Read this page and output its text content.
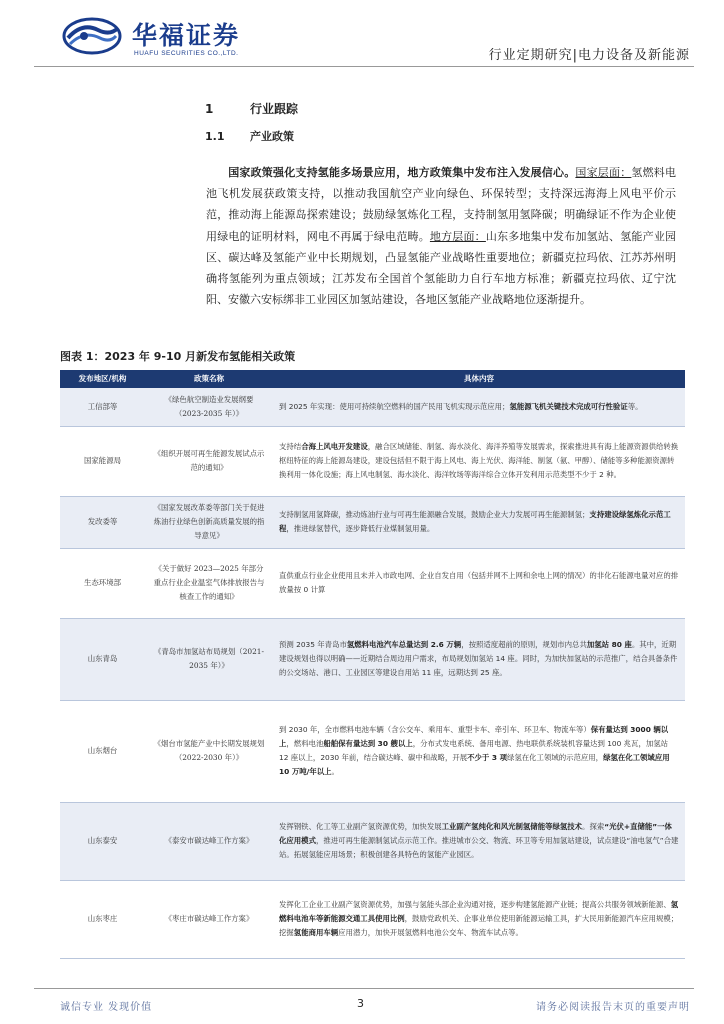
华福证券
HUAFU SECURITIES CO.,LTD.	行业定期研究|电力设备及新能源
1	行业跟踪
1.1 产业政策
  国家政策强化支持氢能多场景应用，地方政策集中发布注入发展信心。国家层面：氢燃料电池飞机发展获政策支持，以推动我国航空产业向绿色、环保转型；支持深远海海上风电平价示范，推动海上能源岛探索建设；鼓励绿氢炼化工程，支持制氢用氢降碳；明确绿证不作为企业使用绿电的证明材料，网电不再属于绿电范畴。地方层面：山东多地集中发布加氢站、氢能产业园区、碳达峰及氢能产业中长期规划，凸显氢能产业战略性重要地位；新疆克拉玛依、江苏苏州明确将氢能列为重点领域；江苏发布全国首个氢能助力自行车地方标准；新疆克拉玛依、辽宁沈阳、安徽六安标绑非工业园区加氢站建设，各地区氢能产业战略地位逐渐提升。
图表 1：2023 年 9-10 月新发布氢能相关政策
发布地区/机构	政策名称	具体内容
工信部等	《绿色航空制造业发展纲要（2023-2035 年）》	到 2025 年实现：使用可持续航空燃料的国产民用飞机实现示范应用；氢能源飞机关键技术完成可行性验证等。
国家能源局	《组织开展可再生能源发展试点示范的通知》	支持结合海上风电开发建设，融合区域储能、制氢、海水淡化、海洋养殖等发展需求，探索推进具有海上能源资源供给转换枢纽特征的海上能源岛建设，建设包括但不限于海上风电、海上光伏、海洋能、制氢（氨、甲醇）、储能等多种能源资源转换利用一体化设施；海上风电制氢、海水淡化、海洋牧场等海洋综合立体开发利用示范类型不少于 2 种。
发改委等	《国家发展改革委等部门关于促进炼油行业绿色创新高质量发展的指导意见》	支持制氢用氢降碳，推动炼油行业与可再生能源融合发展，鼓励企业大力发展可再生能源制氢；支持建设绿氢炼化示范工程，推进绿氢替代，逐步降低行业煤制氢用量。
生态环境部	《关于做好 2023—2025 年部分重点行业企业温室气体排放报告与核查工作的通知》	直供重点行业企业使用且未并入市政电网、企业自发自用（包括并网不上网和余电上网的情况）的非化石能源电量对应的排放量按 0 计算
山东青岛	《青岛市加氢站布局规划（2021-2035 年）》	预测 2035 年青岛市氢燃料电池汽车总量达到 2.6 万辆，按照适度超前的原则，规划市内总共加氢站 80 座。其中，近期建设规划也得以明确——近期结合周边用户需求，布局规划加氢站 14 座。同时，为加快加氢站的示范推广，结合具备条件的公交场站、港口、工业园区等建设自用站 11 座，远期达到 25 座。
山东烟台	《烟台市氢能产业中长期发展规划（2022-2030 年）》	到 2030 年，全市燃料电池车辆（含公交车、乘用车、重型卡车、牵引车、环卫车、物流车等）保有量达到 3000 辆以上，燃料电池船舶保有量达到 30 艘以上，分布式发电系统、备用电源、热电联供系统装机容量达到 100 兆瓦，加氢站 12 座以上，2030 年前，结合碳达峰、碳中和战略，开展不少于 3 项绿氢在化工领域的示范应用，绿氢在化工领域应用 10 万吨/年以上。
山东泰安	《泰安市碳达峰工作方案》	发挥钢铁、化工等工业副产氢资源优势，加快发展工业副产氢纯化和风光制氢储能等绿氢技术。探索“光伏+直储能”一体化应用模式，推进可再生能源制氢试点示范工作。推进城市公交、物流、环卫等专用加氢站建设，试点建设“油电氢气”合建站。拓展氢能应用场景；积极创建各具特色的氢能产业园区。
山东枣庄	《枣庄市碳达峰工作方案》	发挥化工企业工业副产氢资源优势，加强与氢能头部企业沟通对接，逐步构建氢能源产业链；提高公共服务领域新能源、氢燃料电池车等新能源交通工具使用比例，鼓励党政机关、企事业单位使用新能源运输工具，扩大民用新能源汽车应用规模；挖掘氢能商用车辆应用潜力，加快开展氢燃料电池公交车、物流车试点等。
诚信专业 发现价值	3	请务必阅读报告末页的重要声明
